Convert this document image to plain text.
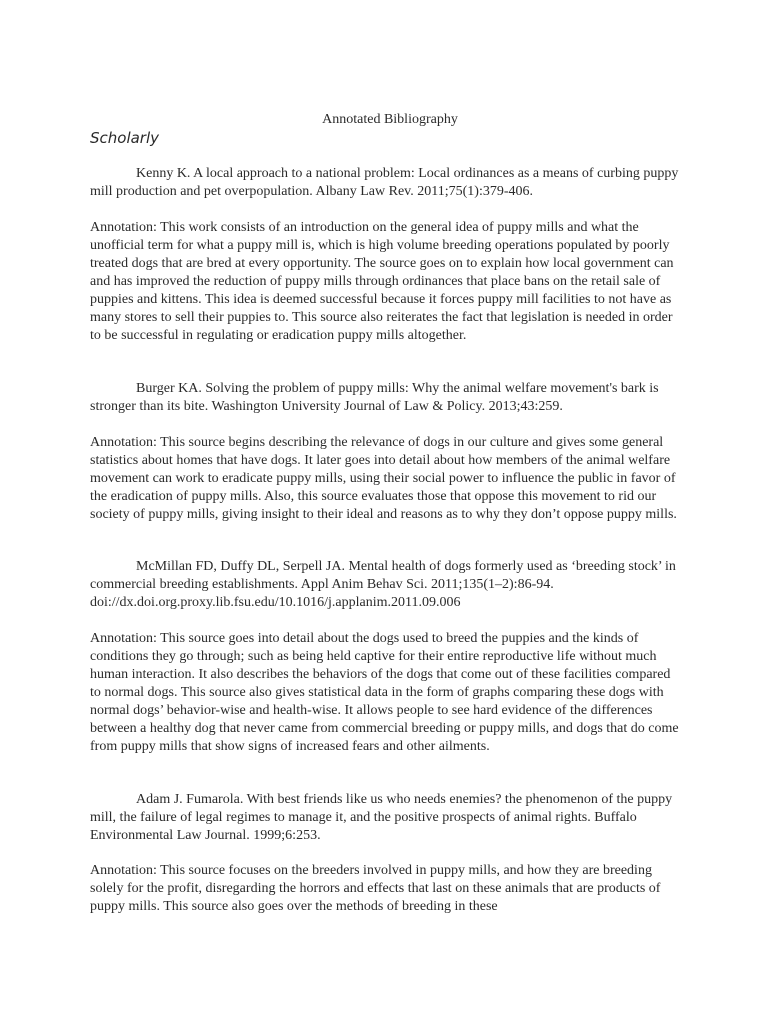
Annotated Bibliography
Scholarly

Kenny K. A local approach to a national problem: Local ordinances as a means of curbing puppy mill production and pet overpopulation. Albany Law Rev. 2011;75(1):379-406.

Annotation: This work consists of an introduction on the general idea of puppy mills and what the unofficial term for what a puppy mill is, which is high volume breeding operations populated by poorly treated dogs that are bred at every opportunity. The source goes on to explain how local government can and has improved the reduction of puppy mills through ordinances that place bans on the retail sale of puppies and kittens. This idea is deemed successful because it forces puppy mill facilities to not have as many stores to sell their puppies to. This source also reiterates the fact that legislation is needed in order to be successful in regulating or eradication puppy mills altogether.

Burger KA. Solving the problem of puppy mills: Why the animal welfare movement's bark is stronger than its bite. Washington University Journal of Law & Policy. 2013;43:259.

Annotation: This source begins describing the relevance of dogs in our culture and gives some general statistics about homes that have dogs. It later goes into detail about how members of the animal welfare movement can work to eradicate puppy mills, using their social power to influence the public in favor of the eradication of puppy mills. Also, this source evaluates those that oppose this movement to rid our society of puppy mills, giving insight to their ideal and reasons as to why they don’t oppose puppy mills.

McMillan FD, Duffy DL, Serpell JA. Mental health of dogs formerly used as ‘breeding stock’ in commercial breeding establishments. Appl Anim Behav Sci. 2011;135(1–2):86-94. doi://dx.doi.org.proxy.lib.fsu.edu/10.1016/j.applanim.2011.09.006

Annotation: This source goes into detail about the dogs used to breed the puppies and the kinds of conditions they go through; such as being held captive for their entire reproductive life without much human interaction. It also describes the behaviors of the dogs that come out of these facilities compared to normal dogs. This source also gives statistical data in the form of graphs comparing these dogs with normal dogs’ behavior-wise and health-wise. It allows people to see hard evidence of the differences between a healthy dog that never came from commercial breeding or puppy mills, and dogs that do come from puppy mills that show signs of increased fears and other ailments.

Adam J. Fumarola. With best friends like us who needs enemies? the phenomenon of the puppy mill, the failure of legal regimes to manage it, and the positive prospects of animal rights. Buffalo Environmental Law Journal. 1999;6:253.

Annotation: This source focuses on the breeders involved in puppy mills, and how they are breeding solely for the profit, disregarding the horrors and effects that last on these animals that are products of puppy mills. This source also goes over the methods of breeding in these
